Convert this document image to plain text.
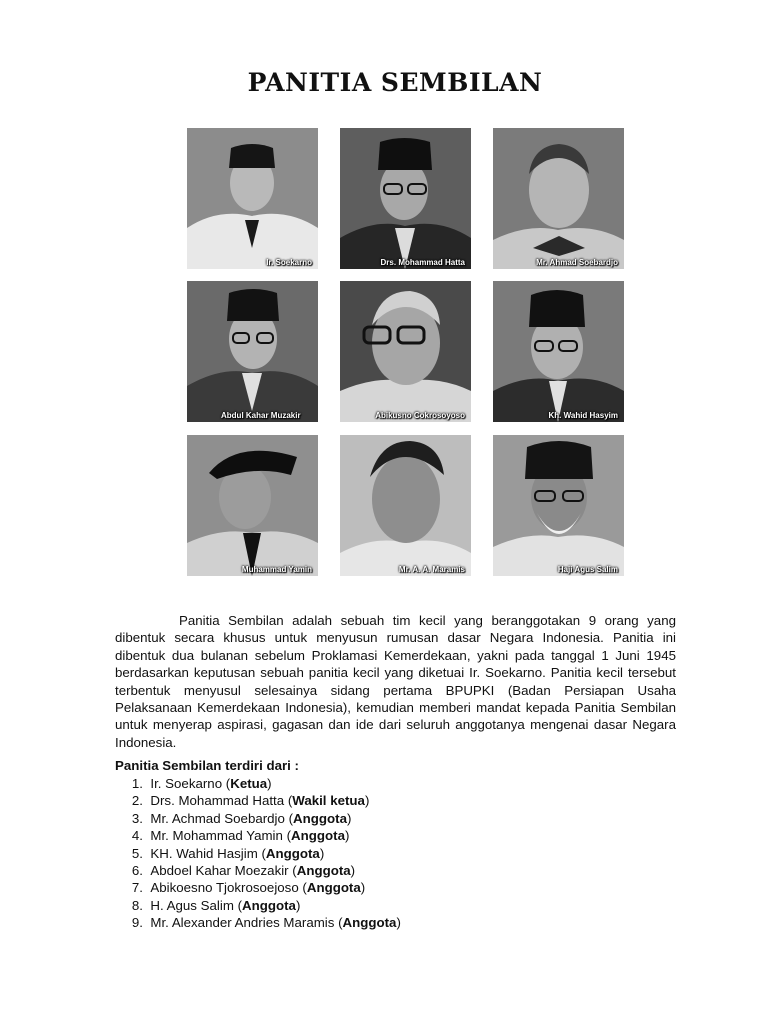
PANITIA SEMBILAN
Ir. Soekarno	Drs. Mohammad Hatta	Mr. Ahmad Soebardjo
Abdul Kahar Muzakir	Abikusno Cokrosoyoso	Kh. Wahid Hasyim
Muhammad Yamin	Mr. A. A. Maramis	Haji Agus Salim

Panitia Sembilan adalah sebuah tim kecil yang beranggotakan 9 orang yang dibentuk secara khusus untuk menyusun rumusan dasar Negara Indonesia. Panitia ini dibentuk dua bulanan sebelum Proklamasi Kemerdekaan, yakni pada tanggal 1 Juni 1945 berdasarkan keputusan sebuah panitia kecil yang diketuai Ir. Soekarno. Panitia kecil tersebut terbentuk menyusul selesainya sidang pertama BPUPKI (Badan Persiapan Usaha Pelaksanaan Kemerdekaan Indonesia), kemudian memberi mandat kepada Panitia Sembilan untuk menyerap aspirasi, gagasan dan ide dari seluruh anggotanya mengenai dasar Negara Indonesia.

Panitia Sembilan terdiri dari :

1.
Ir. Soekarno (Ketua)
2.
Drs. Mohammad Hatta (Wakil ketua)
3.
Mr. Achmad Soebardjo (Anggota)
4.
Mr. Mohammad Yamin (Anggota)
5.
KH. Wahid Hasjim (Anggota)
6.
Abdoel Kahar Moezakir (Anggota)
7.
Abikoesno Tjokrosoejoso (Anggota)
8.
H. Agus Salim (Anggota)
9.
Mr. Alexander Andries Maramis (Anggota)
